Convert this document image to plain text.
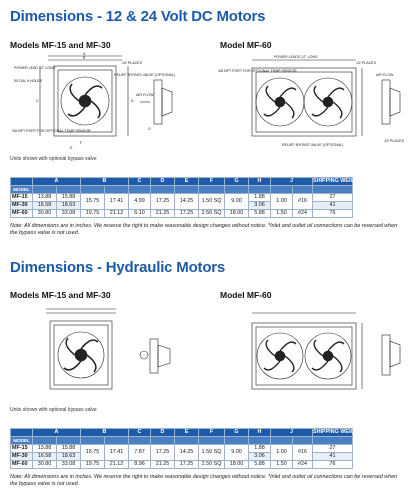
Dimensions - 12 & 24 Volt DC Motors
Models MF-15 and MF-30	Model MF-60
POWER LEAD 12" LONG
J/2 PLACES
RELIEF BYPASS VALVE (OPTIONAL)
50 DIA. 4 HOLES
A
B
C	D
G
AIR FLOW
F
E
3/8 NPT PORT FOR OPTIONAL TEMP SENSOR
POWER LEADS 12" LONG
J/2 PLACES
3/8 NPT PORT FOR OPTIONAL TEMP SENSOR
RELIEF BYPASS VALVE (OPTIONAL)
AIR FLOW
J/2 PLACES
Units shown with optional bypass valve
	A		B		C	D	E	F	G	H	J		SHIPPING WEIGHT
MODEL													
MF-15	13.88	15.88	15.75	17.41	4.99	17.25	14.25	1.50 SQ	9.00	1.88	1.00	#16	27
MF-30	16.58	18.63								3.06			41
MF-60	30.80	33.08	19.75	21.12	6.10	21.25	17.25	2.50 SQ	18.00	5.88	1.50	#24	76
Note: All dimensions are in inches. We reserve the right to make reasonable design changes without notice. *Inlet and outlet oil connections can be reversed when the bypass valve is not used.
Dimensions - Hydraulic Motors
Models MF-15 and MF-30	Model MF-60
Units shown with optional bypass valve
	A		B		C	D	E	F	G	H	J		SHIPPING WEIGHT
MODEL													
MF-15	13.88	15.88	15.75	17.41	7.87	17.25	14.25	1.50 SQ	9.00	1.88	1.00	#16	27
MF-30	16.58	18.63								3.06			41
MF-60	30.80	33.08	19.75	21.12	8.96	21.25	17.25	2.50 SQ	18.00	5.88	1.50	#24	76
Note: All dimensions are in inches. We reserve the right to make reasonable design changes without notice. *Inlet and outlet oil connections can be reversed when the bypass valve is not used.
